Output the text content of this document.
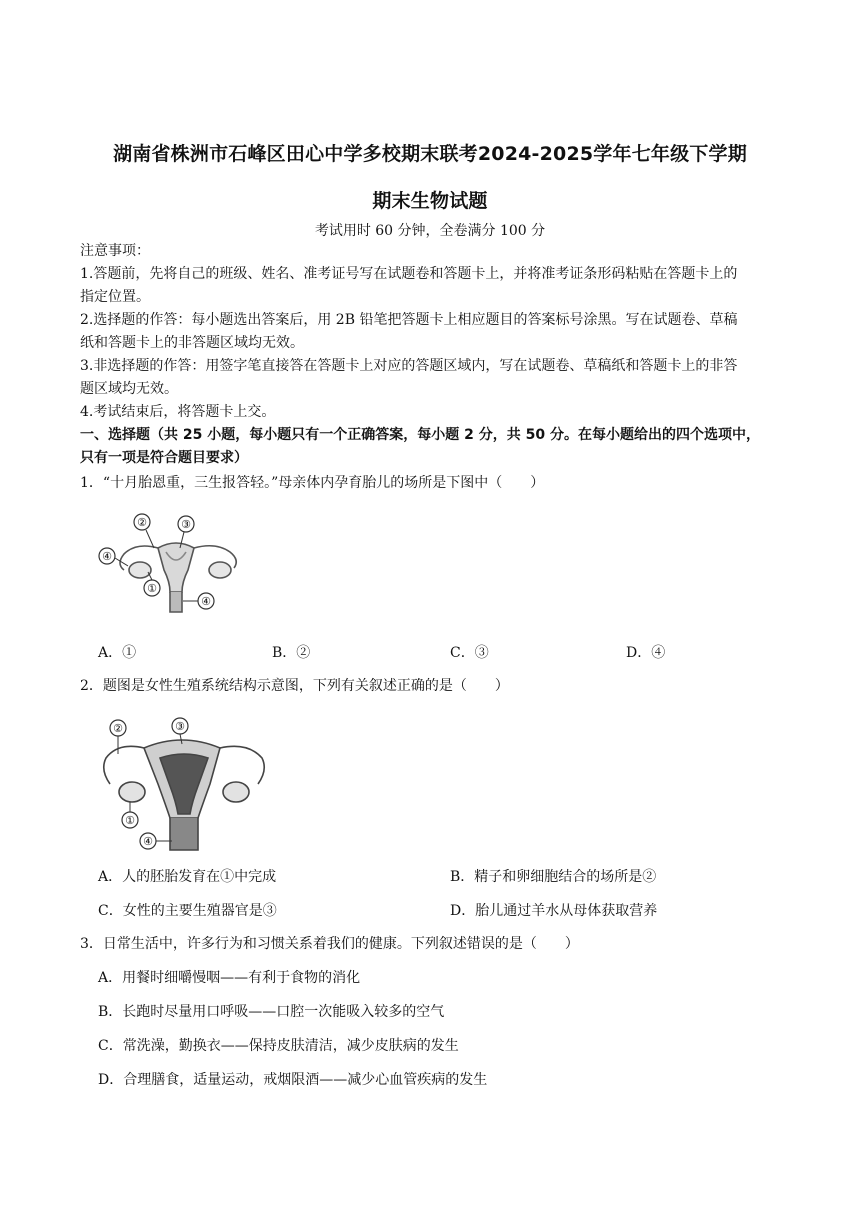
湖南省株洲市石峰区田心中学多校期末联考2024-2025学年七年级下学期
期末生物试题
考试用时 60 分钟，全卷满分 100 分
注意事项：
1.答题前，先将自己的班级、姓名、准考证号写在试题卷和答题卡上，并将准考证条形码粘贴在答题卡上的
指定位置。
2.选择题的作答：每小题选出答案后，用 2B 铅笔把答题卡上相应题目的答案标号涂黑。写在试题卷、草稿
纸和答题卡上的非答题区域均无效。
3.非选择题的作答：用签字笔直接答在答题卡上对应的答题区域内，写在试题卷、草稿纸和答题卡上的非答
题区域均无效。
4.考试结束后，将答题卡上交。
一、选择题（共 25 小题，每小题只有一个正确答案，每小题 2 分，共 50 分。在每小题给出的四个选项中，
只有一项是符合题目要求）
1．“十月胎恩重，三生报答轻。”母亲体内孕育胎儿的场所是下图中（　　）
②	③
④
①
④
A．①	B．②	C．③	D．④
2．题图是女性生殖系统结构示意图，下列有关叙述正确的是（　　）
②	③
①
④
A．人的胚胎发育在①中完成	B．精子和卵细胞结合的场所是②
C．女性的主要生殖器官是③	D．胎儿通过羊水从母体获取营养
3．日常生活中，许多行为和习惯关系着我们的健康。下列叙述错误的是（　　）
A．用餐时细嚼慢咽——有利于食物的消化
B．长跑时尽量用口呼吸——口腔一次能吸入较多的空气
C．常洗澡，勤换衣——保持皮肤清洁，减少皮肤病的发生
D．合理膳食，适量运动，戒烟限酒——减少心血管疾病的发生
